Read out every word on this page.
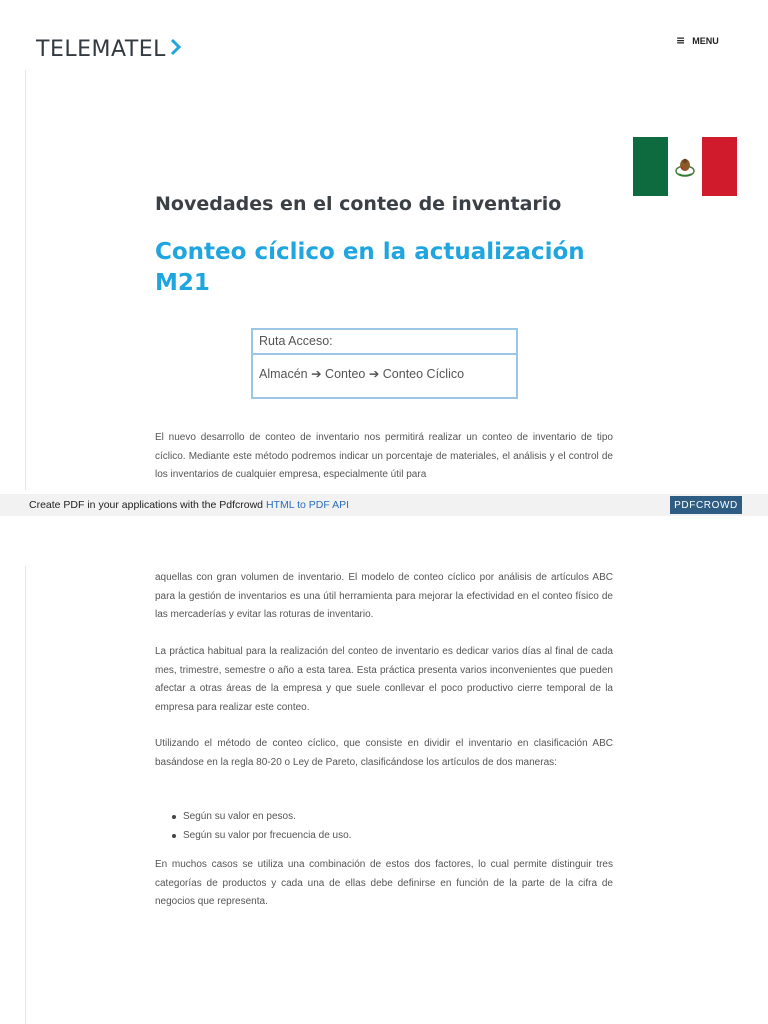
TELEMATEL	≡ MENU
Novedades en el conteo de inventario
Conteo cíclico en la actualización M21
Ruta Acceso:
Almacén ➔ Conteo ➔ Conteo Cíclico

El nuevo desarrollo de conteo de inventario nos permitirá realizar un conteo de inventario de tipo cíclico. Mediante este método podremos indicar un porcentaje de materiales, el análisis y el control de los inventarios de cualquier empresa, especialmente útil para

Create PDF in your applications with the Pdfcrowd HTML to PDF API	PDFCROWD

aquellas con gran volumen de inventario. El modelo de conteo cíclico por análisis de artículos ABC para la gestión de inventarios es una útil herramienta para mejorar la efectividad en el conteo físico de las mercaderías y evitar las roturas de inventario.

La práctica habitual para la realización del conteo de inventario es dedicar varios días al final de cada mes, trimestre, semestre o año a esta tarea. Esta práctica presenta varios inconvenientes que pueden afectar a otras áreas de la empresa y que suele conllevar el poco productivo cierre temporal de la empresa para realizar este conteo.

Utilizando el método de conteo cíclico, que consiste en dividir el inventario en clasificación ABC basándose en la regla 80-20 o Ley de Pareto, clasificándose los artículos de dos maneras:

Según su valor en pesos.
Según su valor por frecuencia de uso.

En muchos casos se utiliza una combinación de estos dos factores, lo cual permite distinguir tres categorías de productos y cada una de ellas debe definirse en función de la parte de la cifra de negocios que representa.
